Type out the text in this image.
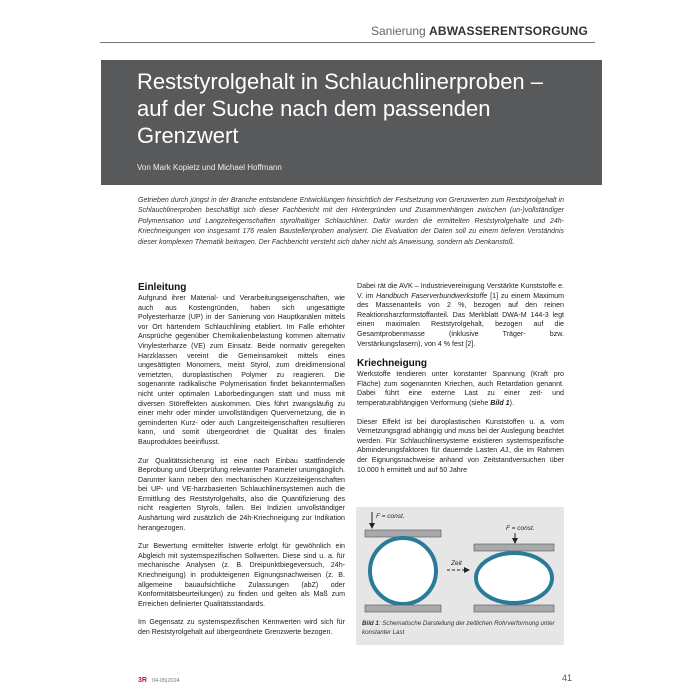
Sanierung ABWASSERENTSORGUNG
Reststyrolgehalt in Schlauchlinerproben – auf der Suche nach dem passenden Grenzwert
Von Mark Kopietz und Michael Hoffmann

Getrieben durch jüngst in der Branche entstandene Entwicklungen hinsichtlich der Festsetzung von Grenzwerten zum Reststyrolgehalt in Schlauchlinerproben beschäftigt sich dieser Fachbericht mit den Hintergründen und Zusammenhängen zwischen (un-)vollständiger Polymerisation und Langzeiteigenschaften styrolhaltiger Schlauchliner. Dafür wurden die ermittelten Reststyrolgehalte und 24h-Kriechneigungen von insgesamt 176 realen Baustellenproben analysiert. Die Evaluation der Daten soll zu einem tieferen Verständnis dieser komplexen Thematik beitragen. Der Fachbericht versteht sich daher nicht als Anweisung, sondern als Denkanstoß.

Einleitung

Aufgrund ihrer Material- und Verarbeitungseigenschaften, wie auch aus Kostengründen, haben sich ungesättigte Polyesterharze (UP) in der Sanierung von Hauptkanälen mittels vor Ort härtendem Schlauchlining etabliert. Im Falle erhöhter Ansprüche gegenüber Chemikalienbelastung kommen alternativ Vinylesterharze (VE) zum Einsatz. Beide normativ geregelten Harzklassen vereint die Gemeinsamkeit mittels eines ungesättigten Monomers, meist Styrol, zum dreidimensional vernetzten, duroplastischen Polymer zu reagieren. Die sogenannte radikalische Polymerisation findet bekanntermaßen nicht unter optimalen Laborbedingungen statt und muss mit diversen Störeffekten auskommen. Dies führt zwangsläufig zu einer mehr oder minder unvollständigen Quervernetzung, die in geminderten Kurz- oder auch Langzeiteigenschaften resultieren kann, und somit übergeordnet die Qualität des finalen Bauproduktes beeinflusst.

Zur Qualitätssicherung ist eine nach Einbau stattfindende Beprobung und Überprüfung relevanter Parameter unumgänglich. Darunter kann neben den mechanischen Kurzzeiteigenschaften bei UP- und VE-harzbasierten Schlauchlinersystemen auch die Ermittlung des Reststyrolgehalts, also die Quantifizierung des nicht reagierten Styrols, fallen. Bei Indizien unvollständiger Aushärtung wird zusätzlich die 24h-Kriechneigung zur Indikation herangezogen.

Zur Bewertung ermittelter Istwerte erfolgt für gewöhnlich ein Abgleich mit systemspezifischen Sollwerten. Diese sind u. a. für mechanische Analysen (z. B. Dreipunktbiegeversuch, 24h-Kriechneigung) in produkteigenen Eignungsnachweisen (z. B. allgemeine bauaufsichtliche Zulassungen (abZ) oder Konformitätsbeurteilungen) zu finden und gelten als Maß zum Erreichen definierter Qualitätsstandards.

Im Gegensatz zu systemspezifischen Kennwerten wird sich für den Reststyrolgehalt auf übergeordnete Grenzwerte bezogen.

Dabei rät die AVK – Industrievereinigung Verstärkte Kunststoffe e. V. im Handbuch Faserverbundwerkstoffe [1] zu einem Maximum des Massenanteils von 2 %, bezogen auf den reinen Reaktionsharzformstoffanteil. Das Merkblatt DWA-M 144-3 legt einen maximalen Reststyrolgehalt, bezogen auf die Gesamtprobenmasse (inklusive Träger- bzw. Verstärkungsfasern), von 4 % fest [2].

Kriechneigung

Werkstoffe tendieren unter konstanter Spannung (Kraft pro Fläche) zum sogenannten Kriechen, auch Retardation genannt. Dabei führt eine externe Last zu einer zeit- und temperaturabhängigen Verformung (siehe Bild 1).

Dieser Effekt ist bei duroplastischen Kunststoffen u. a. vom Vernetzungsgrad abhängig und muss bei der Auslegung beachtet werden. Für Schlauchlinersysteme existieren systemspezifische Abminderungsfaktoren für dauernde Lasten A1, die im Rahmen der Eignungsnachweise anhand von Zeitstandversuchen über 10.000 h ermittelt und auf 50 Jahre

F = const.
Zeit
F = const.
Bild 1: Schematische Darstellung der zeitlichen Rohrverformung unter konstanter Last
3R 04-05|2024	41
